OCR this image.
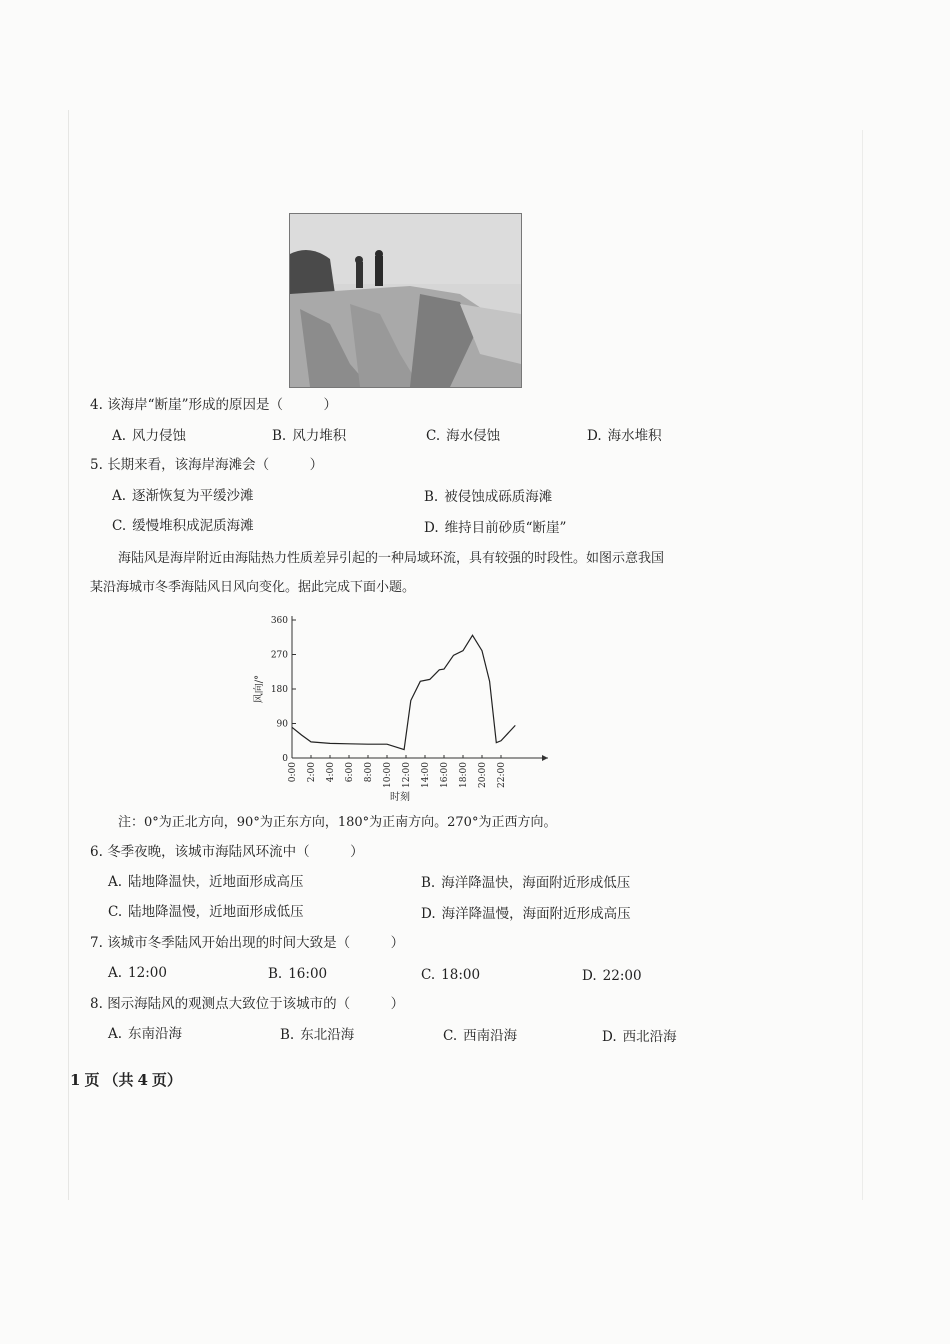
4. 该海岸“断崖”形成的原因是（　　　）
A. 风力侵蚀	B. 风力堆积	C. 海水侵蚀	D. 海水堆积
5. 长期来看，该海岸海滩会（　　　）
A. 逐渐恢复为平缓沙滩	B. 被侵蚀成砾质海滩
C. 缓慢堆积成泥质海滩	D. 维持目前砂质“断崖”
海陆风是海岸附近由海陆热力性质差异引起的一种局域环流，具有较强的时段性。如图示意我国
某沿海城市冬季海陆风日风向变化。据此完成下面小题。
0
90
180
270
360
0:00 2:00 4:00 6:00 8:00 10:00 12:00 14:00 16:00 18:00 20:00 22:00
时刻
风向/°
注：0°为正北方向，90°为正东方向，180°为正南方向。270°为正西方向。
6. 冬季夜晚，该城市海陆风环流中（　　　）
A. 陆地降温快，近地面形成高压	B. 海洋降温快，海面附近形成低压
C. 陆地降温慢，近地面形成低压	D. 海洋降温慢，海面附近形成高压
7. 该城市冬季陆风开始出现的时间大致是（　　　）
A. 12:00	B. 16:00	C. 18:00	D. 22:00
8. 图示海陆风的观测点大致位于该城市的（　　　）
A. 东南沿海	B. 东北沿海	C. 西南沿海	D. 西北沿海
1 页 （共 4 页）
